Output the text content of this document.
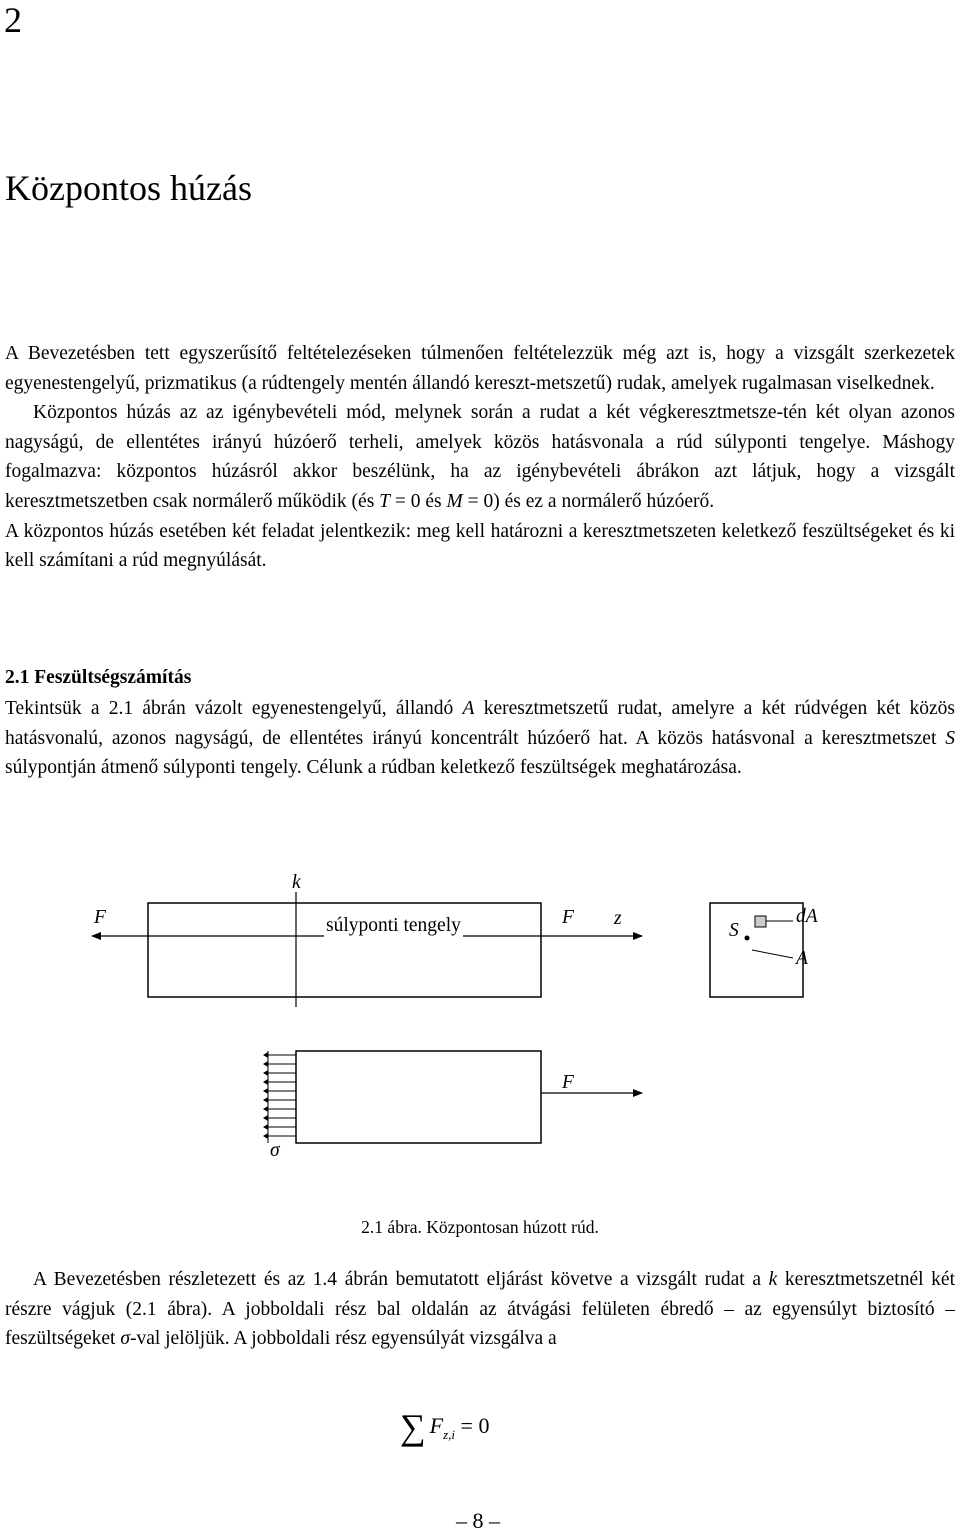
2
Központos húzás

A Bevezetésben tett egyszerűsítő feltételezéseken túlmenően feltételezzük még azt is, hogy a vizsgált szerkezetek egyenestengelyű, prizmatikus (a rúdtengely mentén állandó kereszt-metszetű) rudak, amelyek rugalmasan viselkednek.
Központos húzás az az igénybevételi mód, melynek során a rudat a két végkeresztmetsze-tén két olyan azonos nagyságú, de ellentétes irányú húzóerő terheli, amelyek közös hatásvonala a rúd súlyponti tengelye. Máshogy fogalmazva: központos húzásról akkor beszélünk, ha az igénybevételi ábrákon azt látjuk, hogy a vizsgált keresztmetszetben csak normálerő működik (és T = 0 és M = 0) és ez a normálerő húzóerő.
A központos húzás esetében két feladat jelentkezik: meg kell határozni a keresztmetszeten keletkező feszültségeket és ki kell számítani a rúd megnyúlását.

2.1 Feszültségszámítás

Tekintsük a 2.1 ábrán vázolt egyenestengelyű, állandó A keresztmetszetű rudat, amelyre a két rúdvégen két közös hatásvonalú, azonos nagyságú, de ellentétes irányú koncentrált húzóerő hat. A közös hatásvonal a keresztmetszet S súlypontján átmenő súlyponti tengely. Célunk a rúdban keletkező feszültségek meghatározása.

k
F	súlyponti tengely	F z
S
dA
A
F
σ
2.1 ábra. Központosan húzott rúd.

A Bevezetésben részletezett és az 1.4 ábrán bemutatott eljárást követve a vizsgált rudat a k keresztmetszetnél két részre vágjuk (2.1 ábra). A jobboldali rész bal oldalán az átvágási felületen ébredő – az egyensúlyt biztosító – feszültségeket σ-val jelöljük. A jobboldali rész egyensúlyát vizsgálva a

∑ $F_{z,i} = 0$
– 8 –
